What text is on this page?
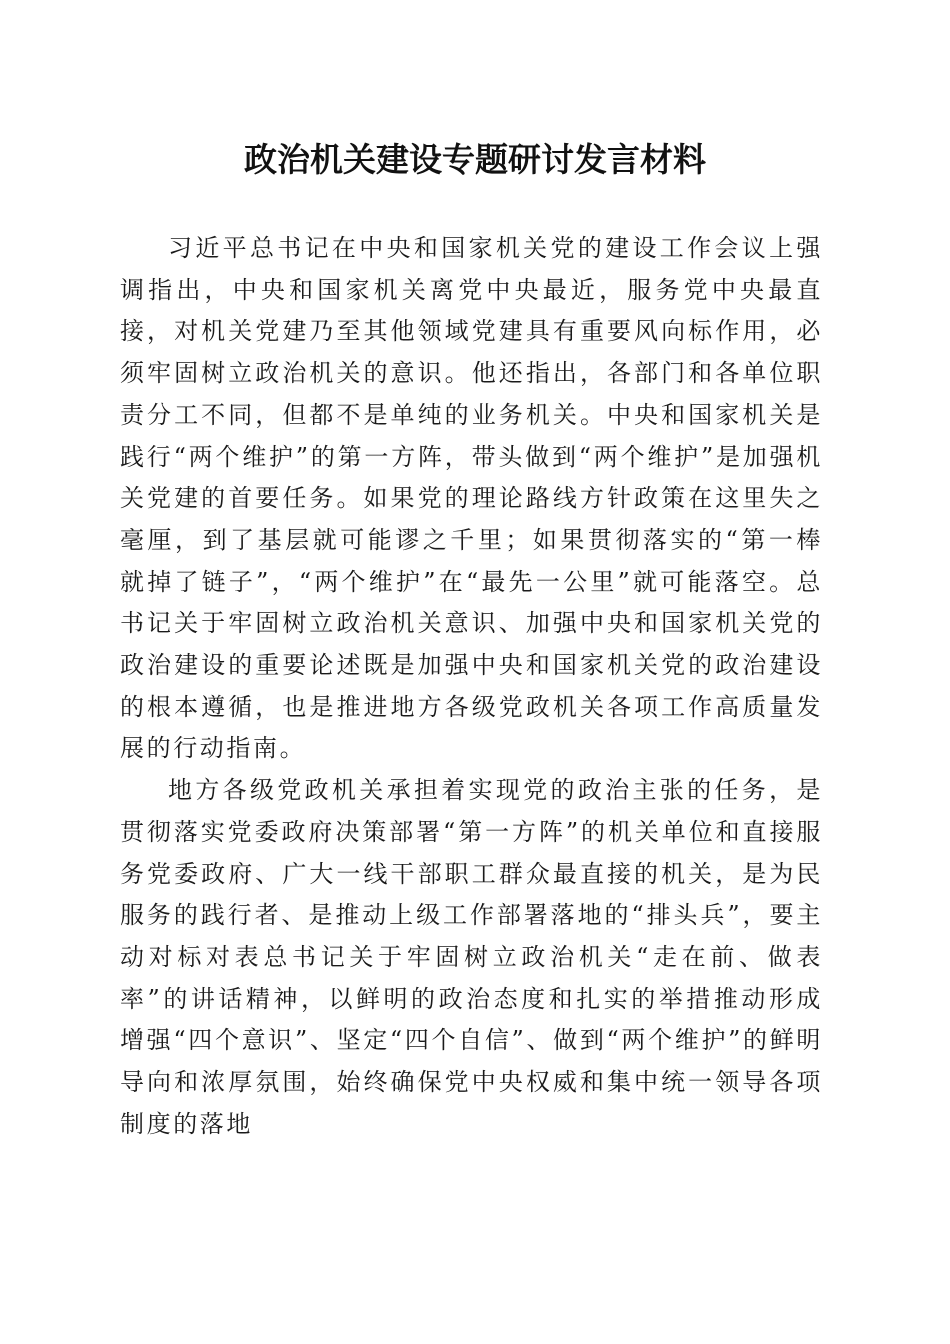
政治机关建设专题研讨发言材料

习近平总书记在中央和国家机关党的建设工作会议上强调指出，中央和国家机关离党中央最近，服务党中央最直接，对机关党建乃至其他领域党建具有重要风向标作用，必须牢固树立政治机关的意识。他还指出，各部门和各单位职责分工不同，但都不是单纯的业务机关。中央和国家机关是践行“两个维护”的第一方阵，带头做到“两个维护”是加强机关党建的首要任务。如果党的理论路线方针政策在这里失之毫厘，到了基层就可能谬之千里；如果贯彻落实的“第一棒就掉了链子”，“两个维护”在“最先一公里”就可能落空。总书记关于牢固树立政治机关意识、加强中央和国家机关党的政治建设的重要论述既是加强中央和国家机关党的政治建设的根本遵循，也是推进地方各级党政机关各项工作高质量发展的行动指南。

地方各级党政机关承担着实现党的政治主张的任务，是贯彻落实党委政府决策部署“第一方阵”的机关单位和直接服务党委政府、广大一线干部职工群众最直接的机关，是为民服务的践行者、是推动上级工作部署落地的“排头兵”，要主动对标对表总书记关于牢固树立政治机关“走在前、做表率”的讲话精神，以鲜明的政治态度和扎实的举措推动形成增强“四个意识”、坚定“四个自信”、做到“两个维护”的鲜明导向和浓厚氛围，始终确保党中央权威和集中统一领导各项制度的落地
